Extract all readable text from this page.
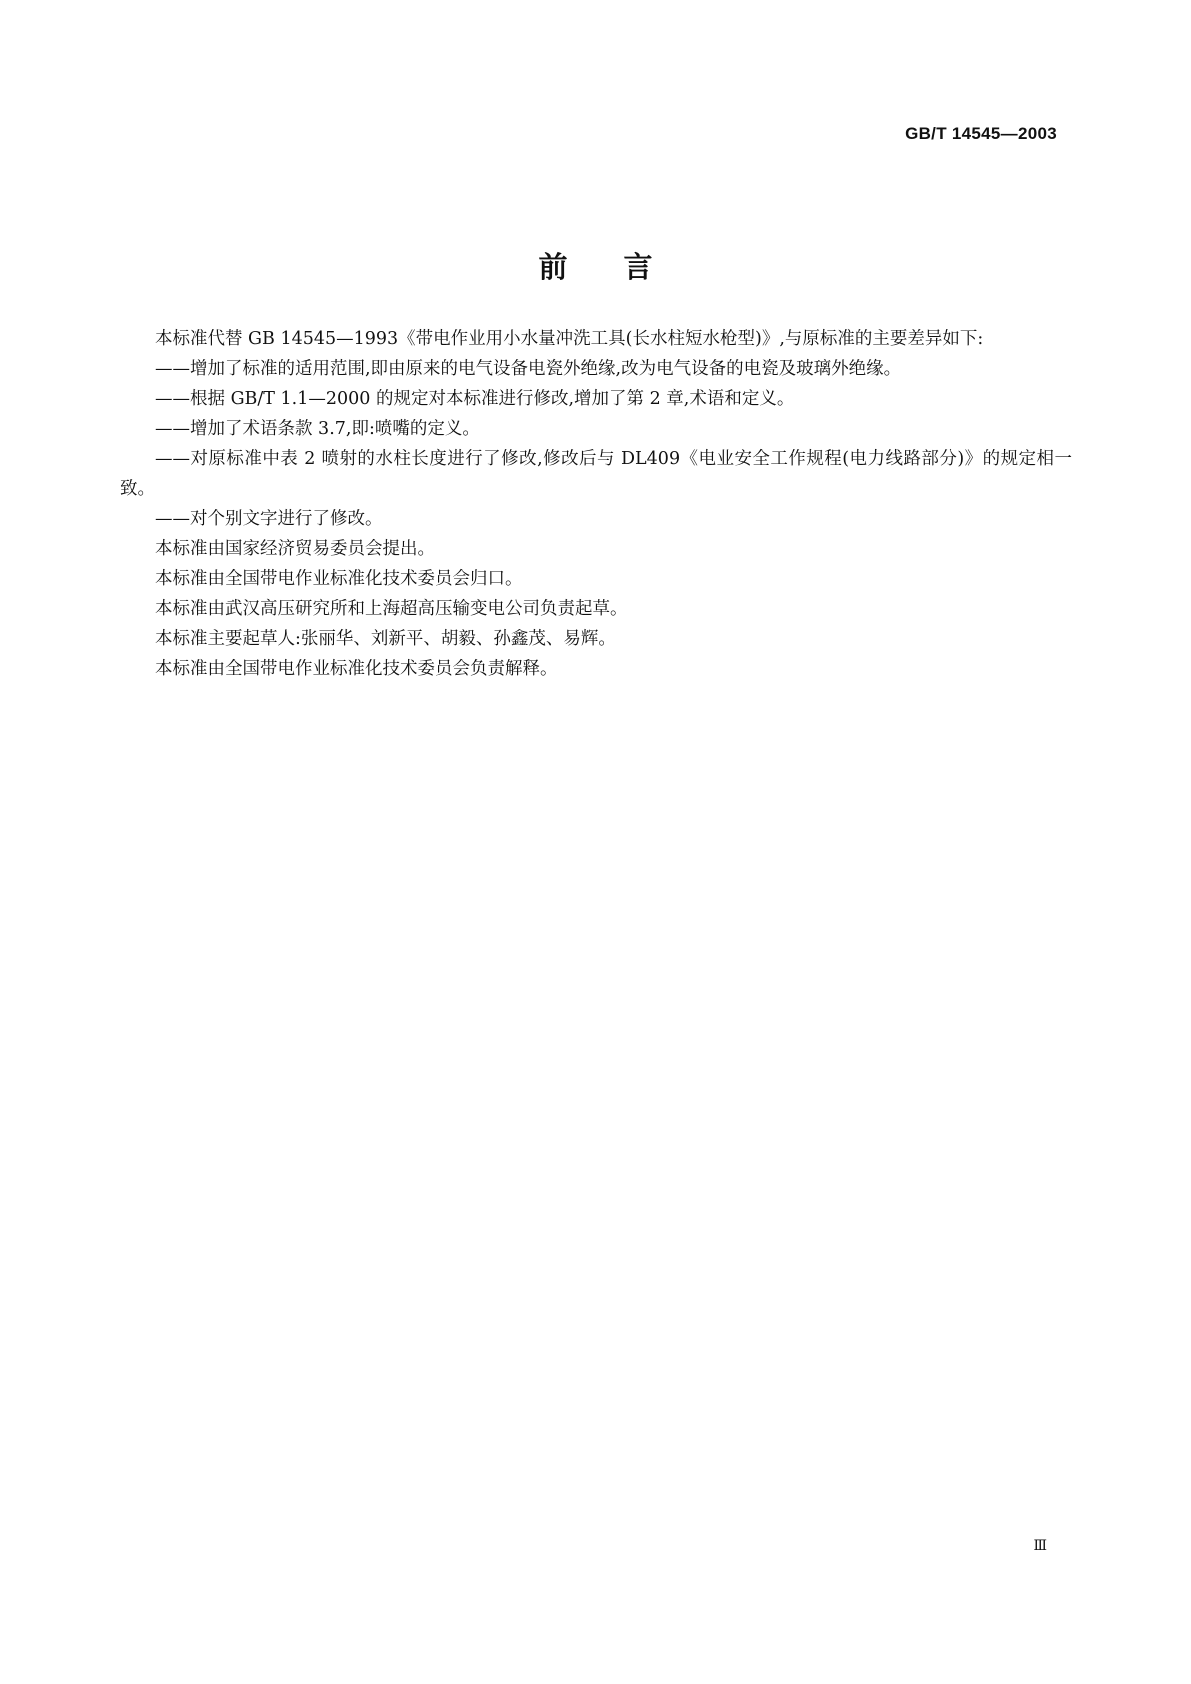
GB/T 14545—2003
前言

本标准代替 GB 14545—1993《带电作业用小水量冲洗工具(长水柱短水枪型)》,与原标准的主要差异如下:

——增加了标准的适用范围,即由原来的电气设备电瓷外绝缘,改为电气设备的电瓷及玻璃外绝缘。

——根据 GB/T 1.1—2000 的规定对本标准进行修改,增加了第 2 章,术语和定义。

——增加了术语条款 3.7,即:喷嘴的定义。

——对原标准中表 2 喷射的水柱长度进行了修改,修改后与 DL409《电业安全工作规程(电力线路部分)》的规定相一致。

——对个别文字进行了修改。

本标准由国家经济贸易委员会提出。

本标准由全国带电作业标准化技术委员会归口。

本标准由武汉高压研究所和上海超高压输变电公司负责起草。

本标准主要起草人:张丽华、刘新平、胡毅、孙鑫茂、易辉。

本标准由全国带电作业标准化技术委员会负责解释。

Ⅲ
